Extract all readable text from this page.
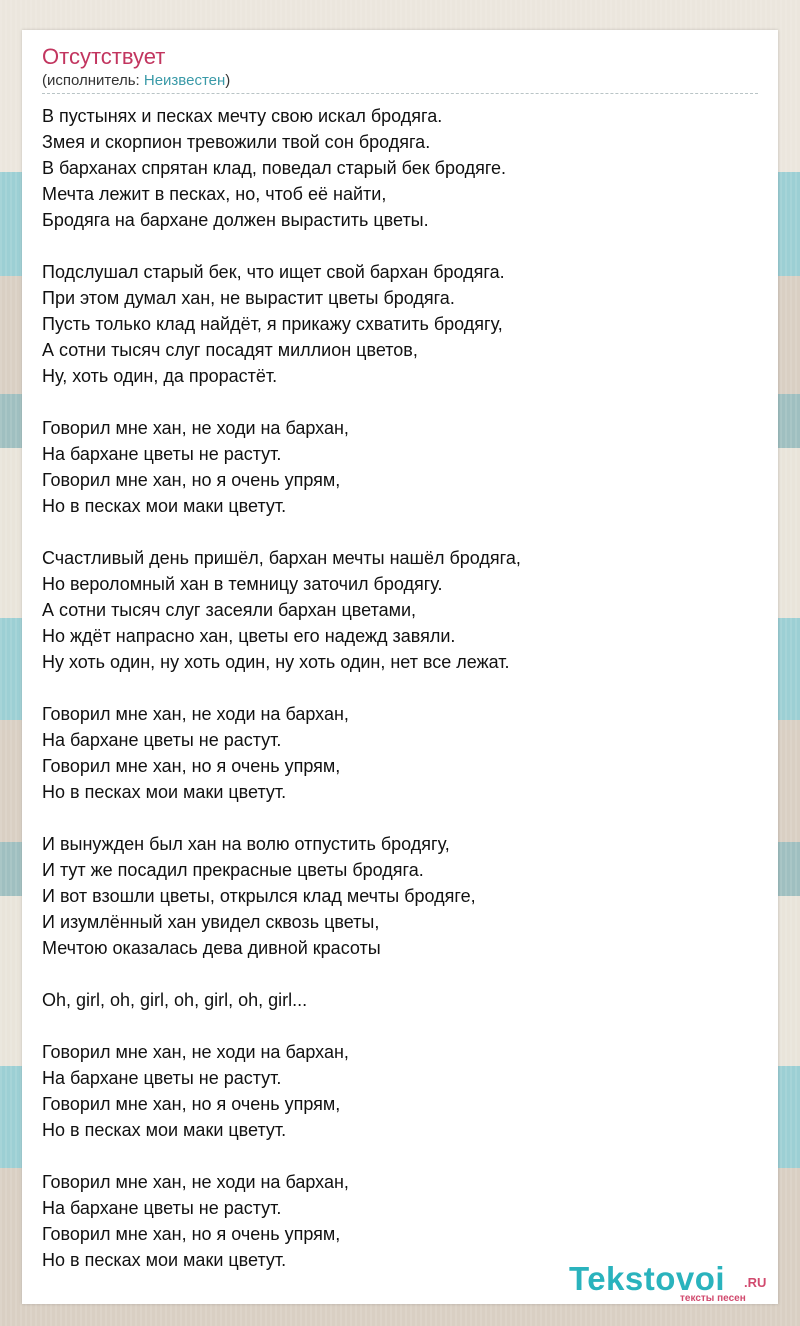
Отсутствует
(исполнитель: Неизвестен)
В пустынях и песках мечту свою искал бродяга.
Змея и скорпион тревожили твой сон бродяга.
В барханах спрятан клад, поведал старый бек бродяге.
Мечта лежит в песках, но, чтоб её найти,
Бродяга на бархане должен вырастить цветы.
Подслушал старый бек, что ищет свой бархан бродяга.
При этом думал хан, не вырастит цветы бродяга.
Пусть только клад найдёт, я прикажу схватить бродягу,
А сотни тысяч слуг посадят миллион цветов,
Ну, хоть один, да прорастёт.
Говорил мне хан, не ходи на бархан,
На бархане цветы не растут.
Говорил мне хан, но я очень упрям,
Но в песках мои маки цветут.
Счастливый день пришёл, бархан мечты нашёл бродяга,
Но вероломный хан в темницу заточил бродягу.
А сотни тысяч слуг засеяли бархан цветами,
Но ждёт напрасно хан, цветы его надежд завяли.
Ну хоть один, ну хоть один, ну хоть один, нет все лежат.
Говорил мне хан, не ходи на бархан,
На бархане цветы не растут.
Говорил мне хан, но я очень упрям,
Но в песках мои маки цветут.
И вынужден был хан на волю отпустить бродягу,
И тут же посадил прекрасные цветы бродяга.
И вот взошли цветы, открылся клад мечты бродяге,
И изумлённый хан увидел сквозь цветы,
Мечтою оказалась дева дивной красоты
Oh, girl, oh, girl, oh, girl, oh, girl...
Говорил мне хан, не ходи на бархан,
На бархане цветы не растут.
Говорил мне хан, но я очень упрям,
Но в песках мои маки цветут.
Говорил мне хан, не ходи на бархан,
На бархане цветы не растут.
Говорил мне хан, но я очень упрям,
Но в песках мои маки цветут.	Tekstovoi .RU
тексты песен
